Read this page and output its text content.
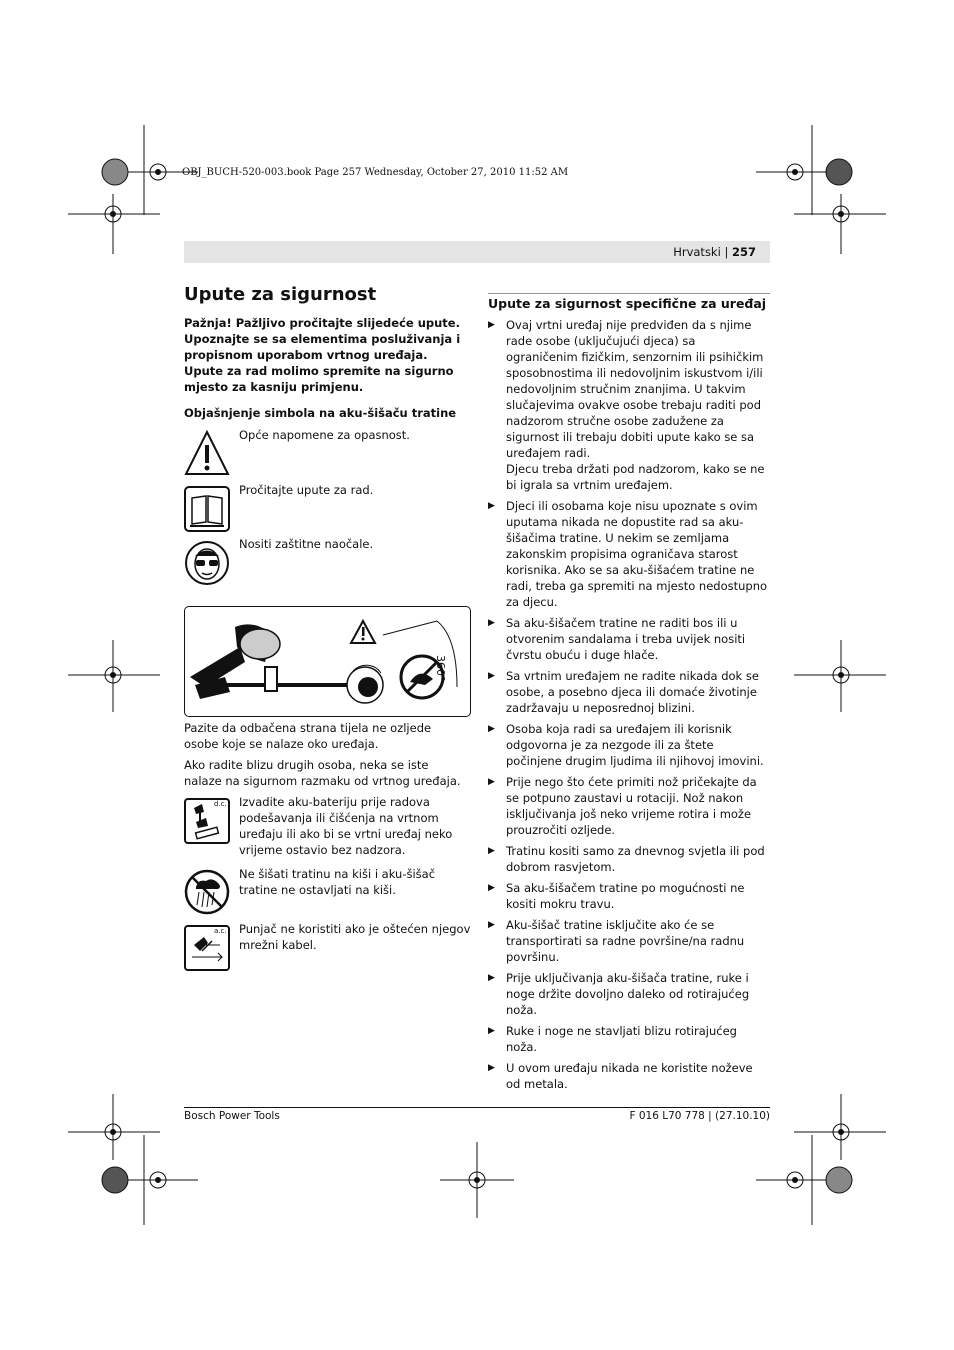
OBJ_BUCH-520-003.book Page 257 Wednesday, October 27, 2010 11:52 AM
Hrvatski | 257
Upute za sigurnost
Pažnja! Pažljivo pročitajte slijedeće upute. Upoznajte se sa elementima posluživanja i propisnom uporabom vrtnog uređaja. Upute za rad molimo spremite na sigurno mjesto za kasniju primjenu.
Objašnjenje simbola na aku-šišaču tratine
Opće napomene za opasnost.
Pročitajte upute za rad.
Nositi zaštitne naočale.
360°
Pazite da odbačena strana tijela ne ozljede osobe koje se nalaze oko uređaja.
Ako radite blizu drugih osoba, neka se iste nalaze na sigurnom razmaku od vrtnog uređaja.
d.c. Izvadite aku-bateriju prije radova podešavanja ili čišćenja na vrtnom uređaju ili ako bi se vrtni uređaj neko vrijeme ostavio bez nadzora.
Ne šišati tratinu na kiši i aku-šišač tratine ne ostavljati na kiši.
a.c. Punjač ne koristiti ako je oštećen njegov mrežni kabel.
Upute za sigurnost specifične za uređaj
▶ Ovaj vrtni uređaj nije predviđen da s njime rade osobe (uključujući djeca) sa ograničenim fizičkim, senzornim ili psihičkim sposobnostima ili nedovoljnim iskustvom i/ili nedovoljnim stručnim znanjima. U takvim slučajevima ovakve osobe trebaju raditi pod nadzorom stručne osobe zadužene za sigurnost ili trebaju dobiti upute kako se sa uređajem radi.
Djecu treba držati pod nadzorom, kako se ne bi igrala sa vrtnim uređajem.
▶ Djeci ili osobama koje nisu upoznate s ovim uputama nikada ne dopustite rad sa aku-šišačima tratine. U nekim se zemljama zakonskim propisima ograničava starost korisnika. Ako se sa aku-šišaćem tratine ne radi, treba ga spremiti na mjesto nedostupno za djecu.
▶ Sa aku-šišačem tratine ne raditi bos ili u otvorenim sandalama i treba uvijek nositi čvrstu obuću i duge hlače.
▶ Sa vrtnim uređajem ne radite nikada dok se osobe, a posebno djeca ili domaće životinje zadržavaju u neposrednoj blizini.
▶ Osoba koja radi sa uređajem ili korisnik odgovorna je za nezgode ili za štete počinjene drugim ljudima ili njihovoj imovini.
▶ Prije nego što ćete primiti nož pričekajte da se potpuno zaustavi u rotaciji. Nož nakon isključivanja još neko vrijeme rotira i može prouzročiti ozljede.
▶ Tratinu kositi samo za dnevnog svjetla ili pod dobrom rasvjetom.
▶ Sa aku-šišačem tratine po mogućnosti ne kositi mokru travu.
▶ Aku-šišač tratine isključite ako će se transportirati sa radne površine/na radnu površinu.
▶ Prije uključivanja aku-šišača tratine, ruke i noge držite dovoljno daleko od rotirajućeg noža.
▶ Ruke i noge ne stavljati blizu rotirajućeg noža.
▶ U ovom uređaju nikada ne koristite noževe od metala.
Bosch Power Tools	F 016 L70 778 | (27.10.10)
